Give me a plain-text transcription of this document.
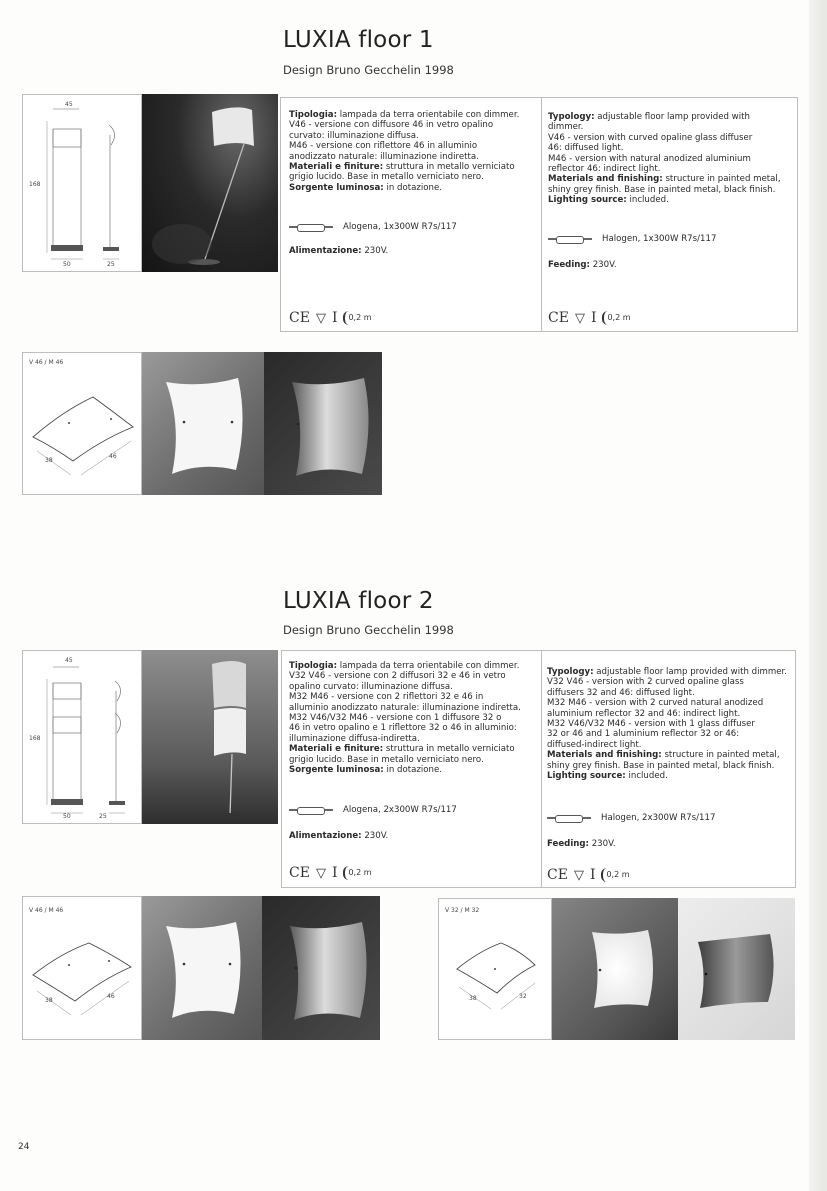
LUXIA floor 1
Design Bruno Gecchelin 1998
45
168
50	25

Tipologia: lampada da terra orientabile con dimmer.

V46 - versione con diffusore 46 in vetro opalino

curvato: illuminazione diffusa.

M46 - versione con riflettore 46 in alluminio

anodizzato naturale: illuminazione indiretta.

Materiali e finiture: struttura in metallo verniciato

grigio lucido. Base in metallo verniciato nero.

Sorgente luminosa: in dotazione.

Alogena, 1x300W R7s/117
Alimentazione: 230V.
CE ▽ I	0,2 m

Typology: adjustable floor lamp provided with

dimmer.

V46 - version with curved opaline glass diffuser

46: diffused light.

M46 - version with natural anodized aluminium

reflector 46: indirect light.

Materials and finishing: structure in painted metal,

shiny grey finish. Base in painted metal, black finish.

Lighting source: included.

Halogen, 1x300W R7s/117
Feeding: 230V.
CE ▽ I	0,2 m
V 46 / M 46
38
46
LUXIA floor 2
Design Bruno Gecchelin 1998
45
168
50	25

Tipologia: lampada da terra orientabile con dimmer.

V32 V46 - versione con 2 diffusori 32 e 46 in vetro

opalino curvato: illuminazione diffusa.

M32 M46 - versione con 2 riflettori 32 e 46 in

alluminio anodizzato naturale: illuminazione indiretta.

M32 V46/V32 M46 - versione con 1 diffusore 32 o

46 in vetro opalino e 1 riflettore 32 o 46 in alluminio:

illuminazione diffusa-indiretta.

Materiali e finiture: struttura in metallo verniciato

grigio lucido. Base in metallo verniciato nero.

Sorgente luminosa: in dotazione.

Alogena, 2x300W R7s/117
Alimentazione: 230V.
CE ▽ I	0,2 m

Typology: adjustable floor lamp provided with dimmer.

V32 V46 - version with 2 curved opaline glass

diffusers 32 and 46: diffused light.

M32 M46 - version with 2 curved natural anodized

aluminium reflector 32 and 46: indirect light.

M32 V46/V32 M46 - version with 1 glass diffuser

32 or 46 and 1 aluminium reflector 32 or 46:

diffused-indirect light.

Materials and finishing: structure in painted metal,

shiny grey finish. Base in painted metal, black finish.

Lighting source: included.

Halogen, 2x300W R7s/117
Feeding: 230V.
CE ▽ I	0,2 m
V 46 / M 46
38
46
V 32 / M 32
38	32
24
